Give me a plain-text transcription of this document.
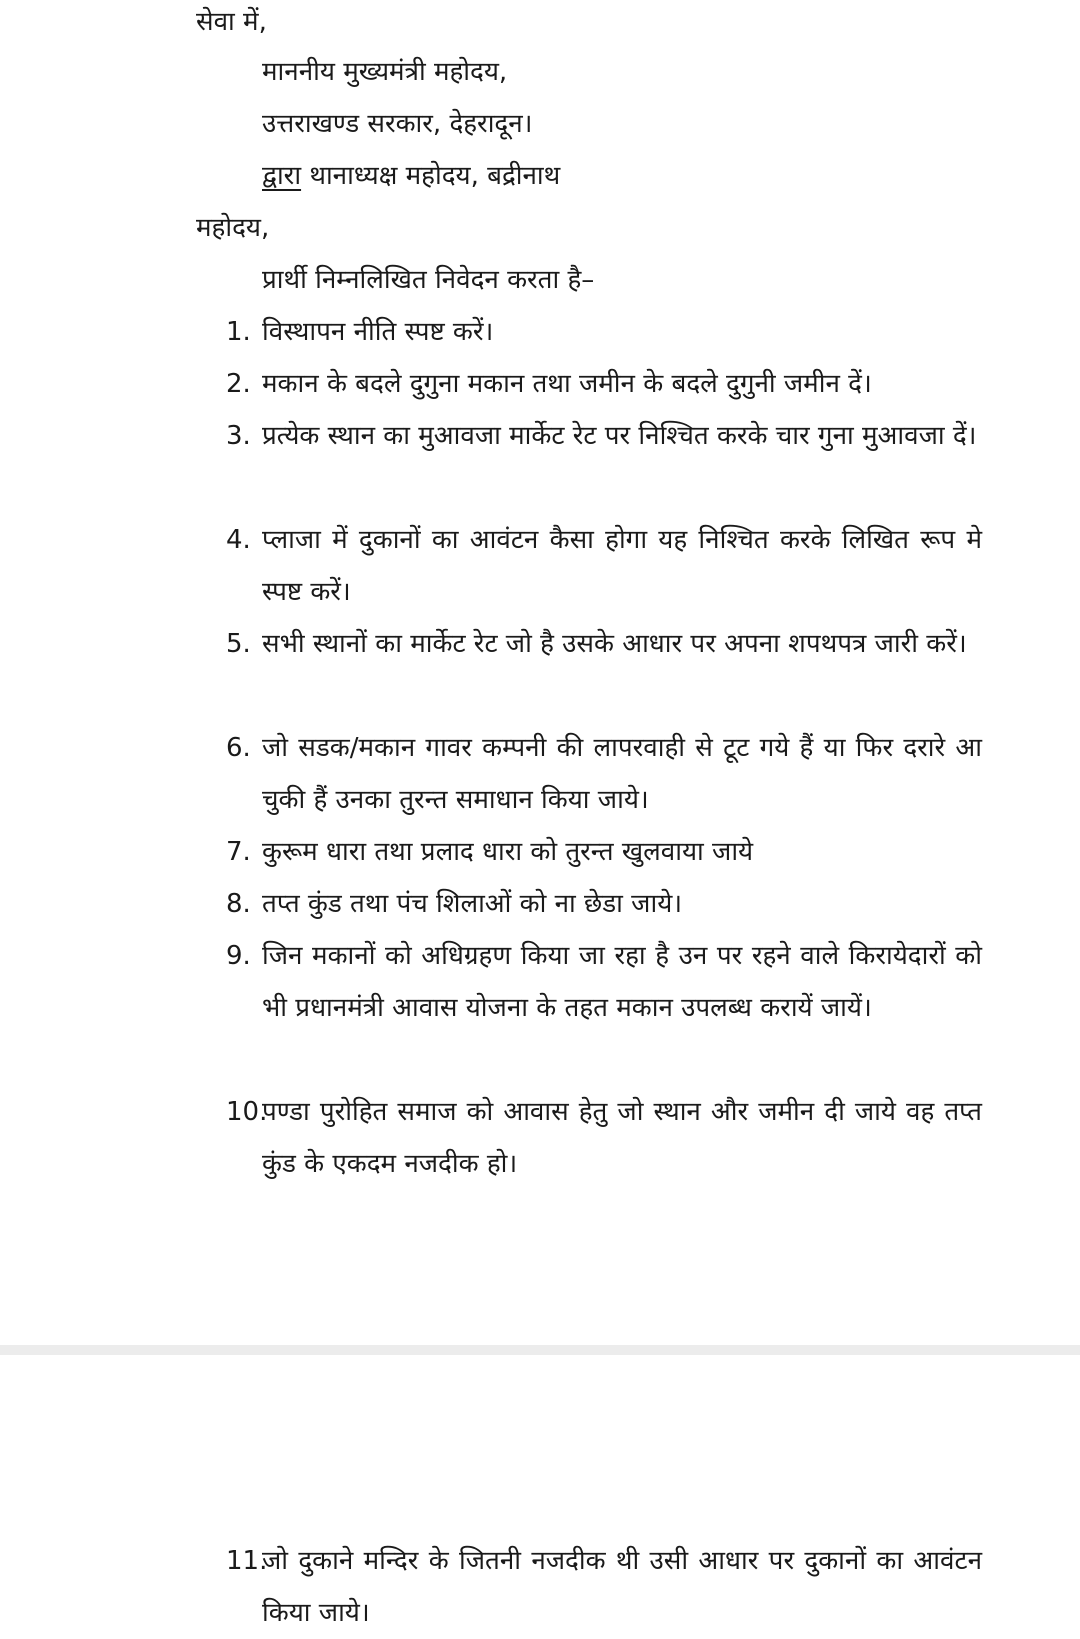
सेवा में,
माननीय मुख्यमंत्री महोदय,
उत्तराखण्ड सरकार, देहरादून।
द्वारा थानाध्यक्ष महोदय, बद्रीनाथ
महोदय,
प्रार्थी निम्नलिखित निवेदन करता है–
1. विस्थापन नीति स्पष्ट करें।
2. मकान के बदले दुगुना मकान तथा जमीन के बदले दुगुनी जमीन दें।
3. प्रत्येक स्थान का मुआवजा मार्केट रेट पर निश्चित करके चार गुना मुआवजा दें।
4. प्लाजा में दुकानों का आवंटन कैसा होगा यह निश्चित करके लिखित रूप मे स्पष्ट करें।
5. सभी स्थानों का मार्केट रेट जो है उसके आधार पर अपना शपथपत्र जारी करें।
6. जो सडक/मकान गावर कम्पनी की लापरवाही से टूट गये हैं या फिर दरारे आ चुकी हैं उनका तुरन्त समाधान किया जाये।
7. कुरूम धारा तथा प्रलाद धारा को तुरन्त खुलवाया जाये
8. तप्त कुंड तथा पंच शिलाओं को ना छेडा जाये।
9. जिन मकानों को अधिग्रहण किया जा रहा है उन पर रहने वाले किरायेदारों को भी प्रधानमंत्री आवास योजना के तहत मकान उपलब्ध करायें जायें।
10.
पण्डा पुरोहित समाज को आवास हेतु जो स्थान और जमीन दी जाये वह तप्त कुंड के एकदम नजदीक हो।
11.
जो दुकाने मन्दिर के जितनी नजदीक थी उसी आधार पर दुकानों का आवंटन किया जाये।
